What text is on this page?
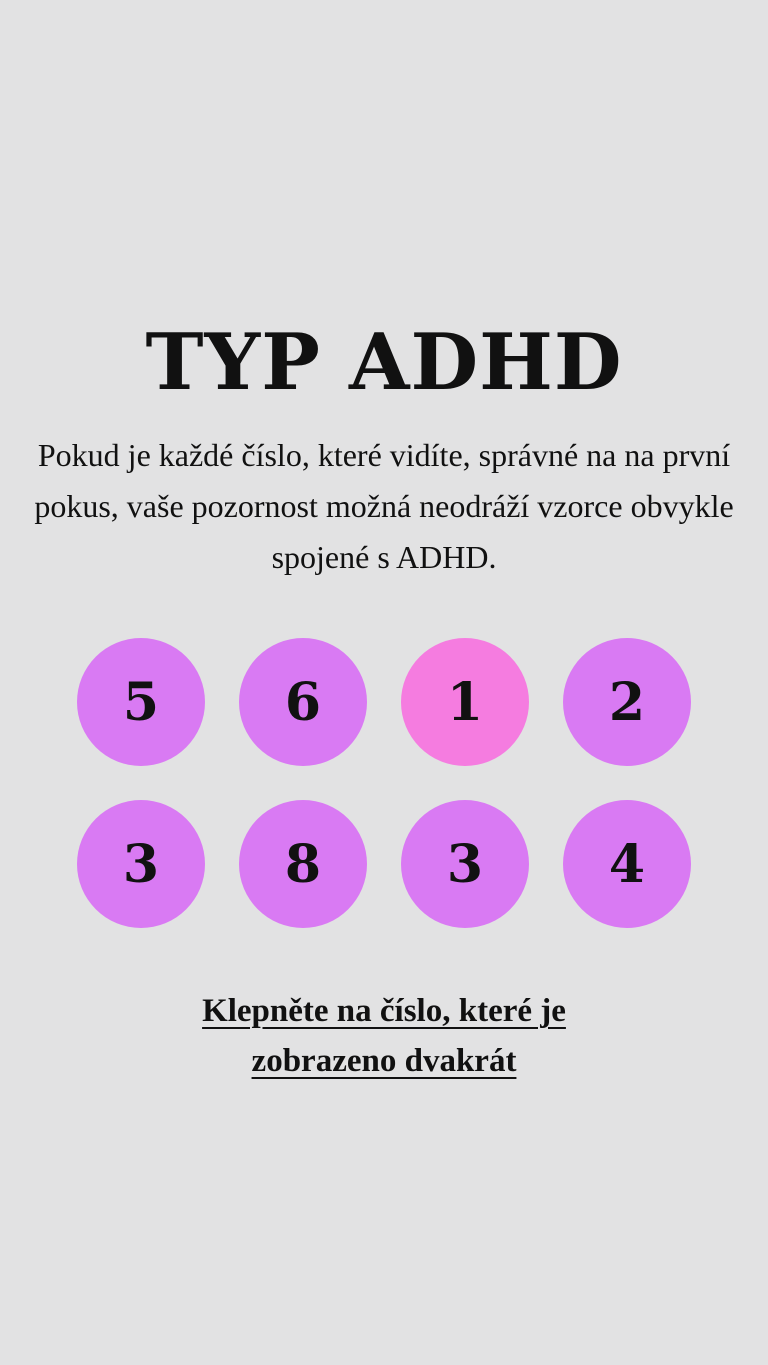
TYP ADHD

Pokud je každé číslo, které vidíte, správné na na první pokus, vaše pozornost možná neodráží vzorce obvykle spojené s ADHD.

5	6	1	2
3	8	3	4

Klepněte na číslo, které je
zobrazeno dvakrát
